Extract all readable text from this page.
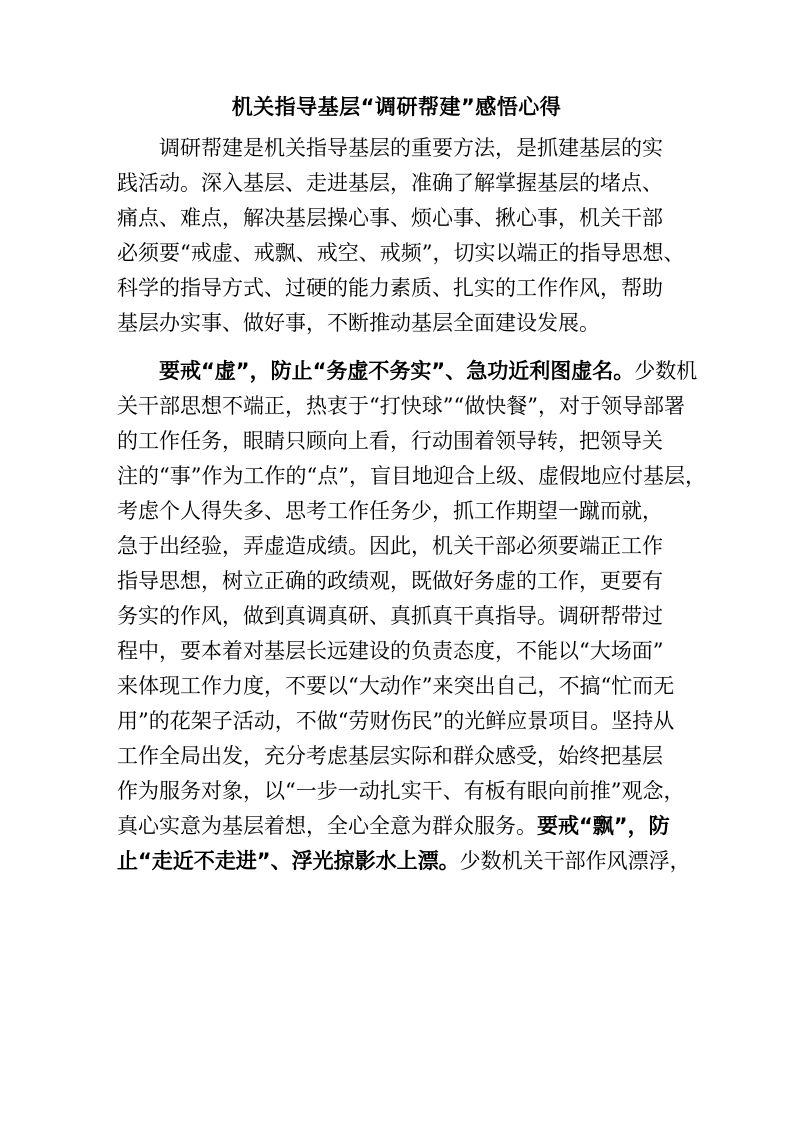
机关指导基层“调研帮建”感悟心得
　　调研帮建是机关指导基层的重要方法，是抓建基层的实
践活动。深入基层、走进基层，准确了解掌握基层的堵点、
痛点、难点，解决基层操心事、烦心事、揪心事，机关干部
必须要“戒虚、戒飘、戒空、戒频”，切实以端正的指导思想、
科学的指导方式、过硬的能力素质、扎实的工作作风，帮助
基层办实事、做好事，不断推动基层全面建设发展。
　　要戒“虚”，防止“务虚不务实”、急功近利图虚名。少数机
关干部思想不端正，热衷于“打快球”“做快餐”，对于领导部署
的工作任务，眼睛只顾向上看，行动围着领导转，把领导关
注的“事”作为工作的“点”，盲目地迎合上级、虚假地应付基层，
考虑个人得失多、思考工作任务少，抓工作期望一蹴而就，
急于出经验，弄虚造成绩。因此，机关干部必须要端正工作
指导思想，树立正确的政绩观，既做好务虚的工作，更要有
务实的作风，做到真调真研、真抓真干真指导。调研帮带过
程中，要本着对基层长远建设的负责态度，不能以“大场面”
来体现工作力度，不要以“大动作”来突出自己，不搞“忙而无
用”的花架子活动，不做“劳财伤民”的光鲜应景项目。坚持从
工作全局出发，充分考虑基层实际和群众感受，始终把基层
作为服务对象，以“一步一动扎实干、有板有眼向前推”观念，
真心实意为基层着想，全心全意为群众服务。要戒“飘”，防
止“走近不走进”、浮光掠影水上漂。少数机关干部作风漂浮，
